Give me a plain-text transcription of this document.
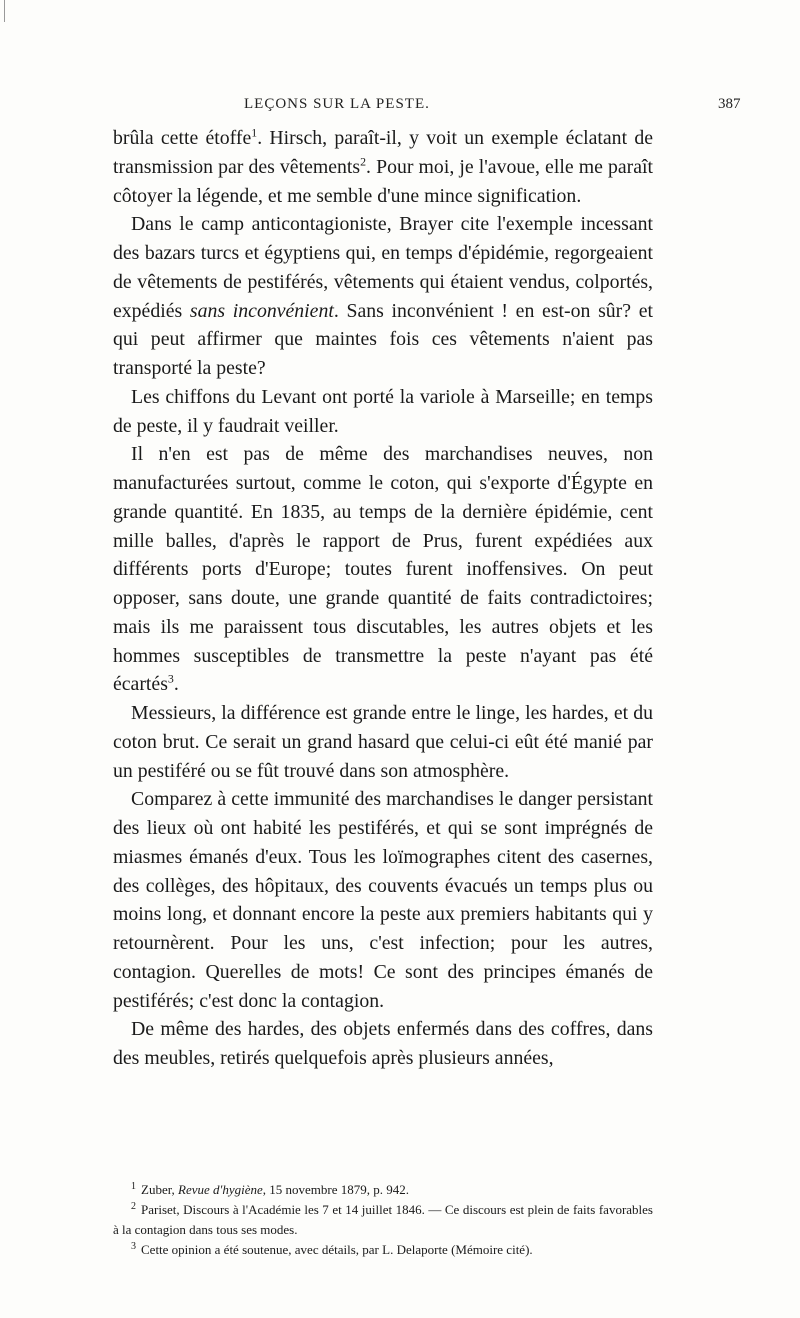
LEÇONS SUR LA PESTE.	387

brûla cette étoffe$^1$. Hirsch, paraît-il, y voit un exemple éclatant de transmission par des vêtements$^2$. Pour moi, je l'avoue, elle me paraît côtoyer la légende, et me semble d'une mince signification.

Dans le camp anticontagioniste, Brayer cite l'exemple incessant des bazars turcs et égyptiens qui, en temps d'épidémie, regorgeaient de vêtements de pestiférés, vêtements qui étaient vendus, colportés, expédiés sans inconvénient. Sans inconvénient ! en est-on sûr? et qui peut affirmer que maintes fois ces vêtements n'aient pas transporté la peste?

Les chiffons du Levant ont porté la variole à Marseille; en temps de peste, il y faudrait veiller.

Il n'en est pas de même des marchandises neuves, non manufacturées surtout, comme le coton, qui s'exporte d'Égypte en grande quantité. En 1835, au temps de la dernière épidémie, cent mille balles, d'après le rapport de Prus, furent expédiées aux différents ports d'Europe; toutes furent inoffensives. On peut opposer, sans doute, une grande quantité de faits contradictoires; mais ils me paraissent tous discutables, les autres objets et les hommes susceptibles de transmettre la peste n'ayant pas été écartés$^3$.

Messieurs, la différence est grande entre le linge, les hardes, et du coton brut. Ce serait un grand hasard que celui-ci eût été manié par un pestiféré ou se fût trouvé dans son atmosphère.

Comparez à cette immunité des marchandises le danger persistant des lieux où ont habité les pestiférés, et qui se sont imprégnés de miasmes émanés d'eux. Tous les loïmographes citent des casernes, des collèges, des hôpitaux, des couvents évacués un temps plus ou moins long, et donnant encore la peste aux premiers habitants qui y retournèrent. Pour les uns, c'est infection; pour les autres, contagion. Querelles de mots! Ce sont des principes émanés de pestiférés; c'est donc la contagion.

De même des hardes, des objets enfermés dans des coffres, dans des meubles, retirés quelquefois après plusieurs années,

$^1$ Zuber, Revue d'hygiène, 15 novembre 1879, p. 942.

$^2$ Pariset, Discours à l'Académie les 7 et 14 juillet 1846. — Ce discours est plein de faits favorables à la contagion dans tous ses modes.

$^3$ Cette opinion a été soutenue, avec détails, par L. Delaporte (Mémoire cité).
